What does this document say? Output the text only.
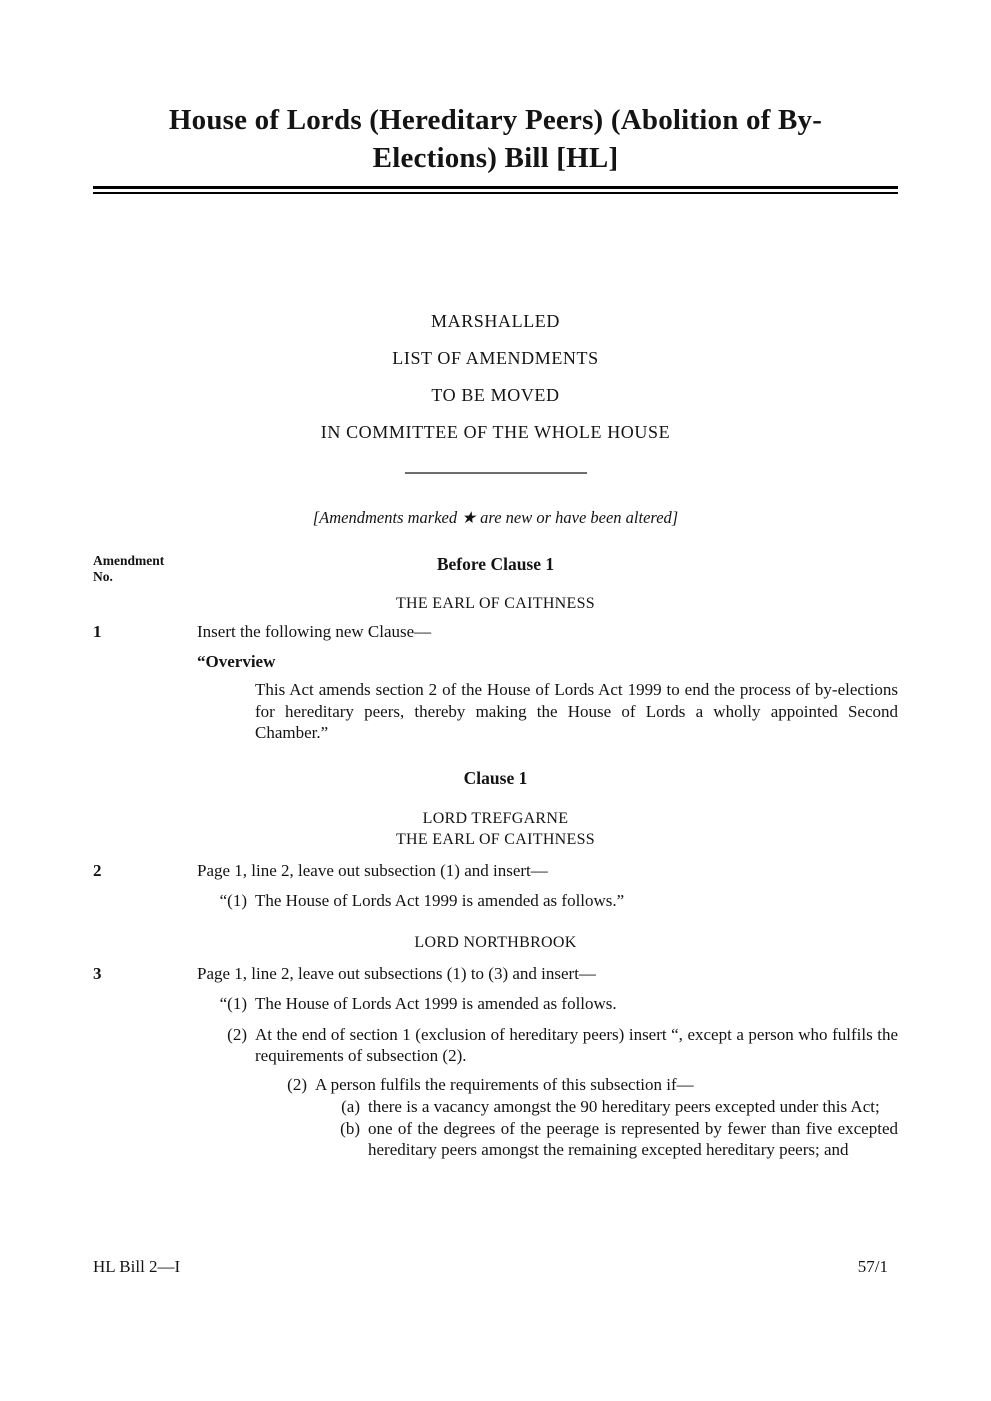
House of Lords (Hereditary Peers) (Abolition of By-
Elections) Bill [HL]
MARSHALLED
LIST OF AMENDMENTS
TO BE MOVED
IN COMMITTEE OF THE WHOLE HOUSE
[Amendments marked ★ are new or have been altered]
Amendment
No.
Before Clause 1
THE EARL OF CAITHNESS
1	Insert the following new Clause—
“Overview
This Act amends section 2 of the House of Lords Act 1999 to end the process of by-elections for hereditary peers, thereby making the House of Lords a wholly appointed Second Chamber.”
Clause 1
LORD TREFGARNE
THE EARL OF CAITHNESS
2	Page 1, line 2, leave out subsection (1) and insert—
“(1) The House of Lords Act 1999 is amended as follows.”
LORD NORTHBROOK
3	Page 1, line 2, leave out subsections (1) to (3) and insert—
“(1) The House of Lords Act 1999 is amended as follows.
(2) At the end of section 1 (exclusion of hereditary peers) insert “, except a person who fulfils the requirements of subsection (2).
(2) A person fulfils the requirements of this subsection if—
(a) there is a vacancy amongst the 90 hereditary peers excepted under this Act;
(b) one of the degrees of the peerage is represented by fewer than five excepted hereditary peers amongst the remaining excepted hereditary peers; and
HL Bill 2—I	57/1
